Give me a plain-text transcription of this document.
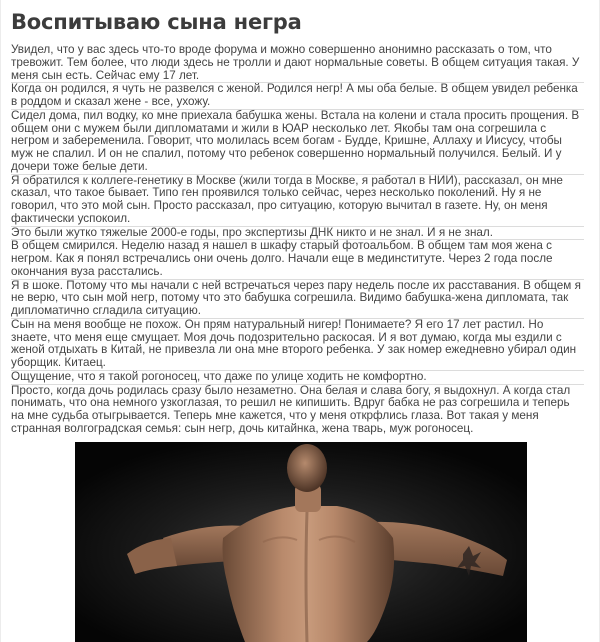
Воспитываю сына негра

Увидел, что у вас здесь что-то вроде форума и можно совершенно анонимно рассказать о том, что тревожит. Тем более, что люди здесь не тролли и дают нормальные советы. В общем ситуация такая. У меня сын есть. Сейчас ему 17 лет.

Когда он родился, я чуть не развелся с женой. Родился негр! А мы оба белые. В общем увидел ребенка в роддом и сказал жене - все, ухожу.

Сидел дома, пил водку, ко мне приехала бабушка жены. Встала на колени и стала просить прощения. В общем они с мужем были дипломатами и жили в ЮАР несколько лет. Якобы там она согрешила с негром и забеременила. Говорит, что молилась всем богам - Будде, Кришне, Аллаху и Иисусу, чтобы муж не спалил. И он не спалил, потому что ребенок совершенно нормальный получился. Белый. И у дочери тоже белые дети.

Я обратился к коллеге-генетику в Москве (жили тогда в Москве, я работал в НИИ), рассказал, он мне сказал, что такое бывает. Типо ген проявился только сейчас, через несколько поколений. Ну я не говорил, что это мой сын. Просто рассказал, про ситуацию, которую вычитал в газете. Ну, он меня фактически успокоил.

Это были жутко тяжелые 2000-е годы, про экспертизы ДНК никто и не знал. И я не знал.

В общем смирился. Неделю назад я нашел в шкафу старый фотоальбом. В общем там моя жена с негром. Как я понял встречались они очень долго. Начали еще в мединституте. Через 2 года после окончания вуза расстались.

Я в шоке. Потому что мы начали с ней встречаться через пару недель после их расставания. В общем я не верю, что сын мой негр, потому что это бабушка согрешила. Видимо бабушка-жена дипломата, так дипломатично сгладила ситуацию.

Сын на меня вообще не похож. Он прям натуральный нигер! Понимаете? Я его 17 лет растил. Но знаете, что меня еще смущает. Моя дочь подозрительно раскосая. И я вот думаю, когда мы ездили с женой отдыхать в Китай, не привезла ли она мне второго ребенка. У зак номер ежедневно убирал один уборщик. Китаец.

Ощущение, что я такой рогоносец, что даже по улице ходить не комфортно.

Просто, когда дочь родилась сразу было незаметно. Она белая и слава богу, я выдохнул. А когда стал понимать, что она немного узкоглазая, то решил не кипишить. Вдруг бабка не раз согрешила и теперь на мне судьба отыгрывается. Теперь мне кажется, что у меня открфлись глаза. Вот такая у меня странная волгоградская семья: сын негр, дочь китайнка, жена тварь, муж рогоносец.
